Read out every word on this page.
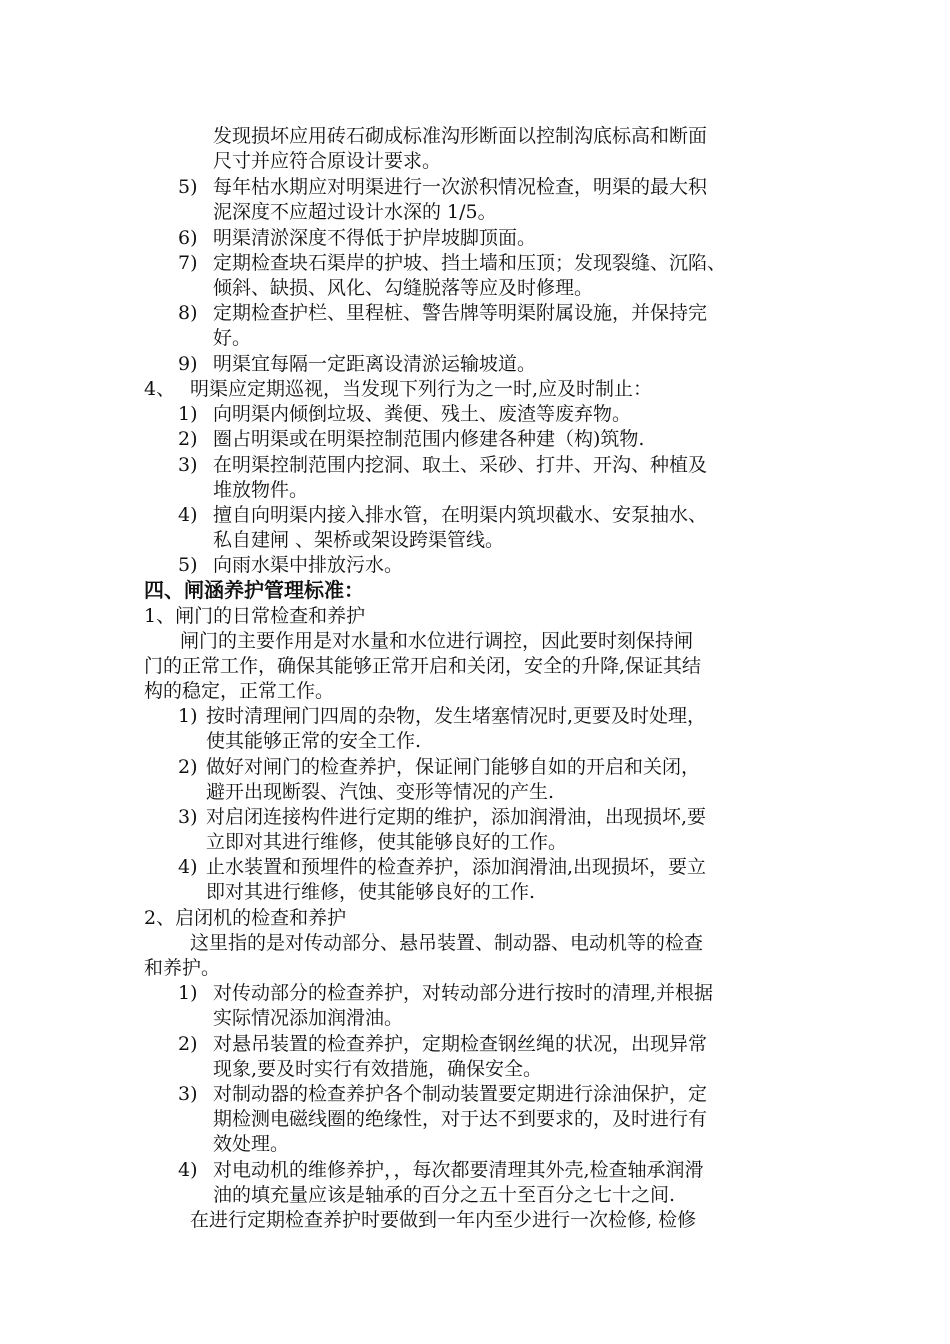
发现损坏应用砖石砌成标准沟形断面以控制沟底标高和断面
尺寸并应符合原设计要求。
5) 每年枯水期应对明渠进行一次淤积情况检查，明渠的最大积
泥深度不应超过设计水深的 1/5。
6) 明渠清淤深度不得低于护岸坡脚顶面。
7) 定期检查块石渠岸的护坡、挡土墙和压顶；发现裂缝、沉陷、
倾斜、缺损、风化、勾缝脱落等应及时修理。
8) 定期检查护栏、里程桩、警告牌等明渠附属设施，并保持完
好。
9) 明渠宜每隔一定距离设清淤运输坡道。
4、 明渠应定期巡视，当发现下列行为之一时,应及时制止：
1) 向明渠内倾倒垃圾、粪便、残土、废渣等废弃物。
2) 圈占明渠或在明渠控制范围内修建各种建（构)筑物.
3) 在明渠控制范围内挖洞、取土、采砂、打井、开沟、种植及
堆放物件。
4) 擅自向明渠内接入排水管，在明渠内筑坝截水、安泵抽水、
私自建闸 、架桥或架设跨渠管线。
5) 向雨水渠中排放污水。
四、闸涵养护管理标准：
1、闸门的日常检查和养护
闸门的主要作用是对水量和水位进行调控，因此要时刻保持闸
门的正常工作，确保其能够正常开启和关闭，安全的升降,保证其结
构的稳定，正常工作。
1) 按时清理闸门四周的杂物，发生堵塞情况时,更要及时处理，
使其能够正常的安全工作.
2) 做好对闸门的检查养护，保证闸门能够自如的开启和关闭，
避开出现断裂、汽蚀、变形等情况的产生.
3) 对启闭连接构件进行定期的维护，添加润滑油，出现损坏,要
立即对其进行维修，使其能够良好的工作。
4) 止水装置和预埋件的检查养护，添加润滑油,出现损坏，要立
即对其进行维修，使其能够良好的工作.
2、启闭机的检查和养护
这里指的是对传动部分、悬吊装置、制动器、电动机等的检查
和养护。
1) 对传动部分的检查养护，对转动部分进行按时的清理,并根据
实际情况添加润滑油。
2) 对悬吊装置的检查养护，定期检查钢丝绳的状况，出现异常
现象,要及时实行有效措施，确保安全。
3) 对制动器的检查养护各个制动装置要定期进行涂油保护，定
期检测电磁线圈的绝缘性，对于达不到要求的，及时进行有
效处理。
4) 对电动机的维修养护，，每次都要清理其外壳,检查轴承润滑
油的填充量应该是轴承的百分之五十至百分之七十之间.
在进行定期检查养护时要做到一年内至少进行一次检修, 检修
